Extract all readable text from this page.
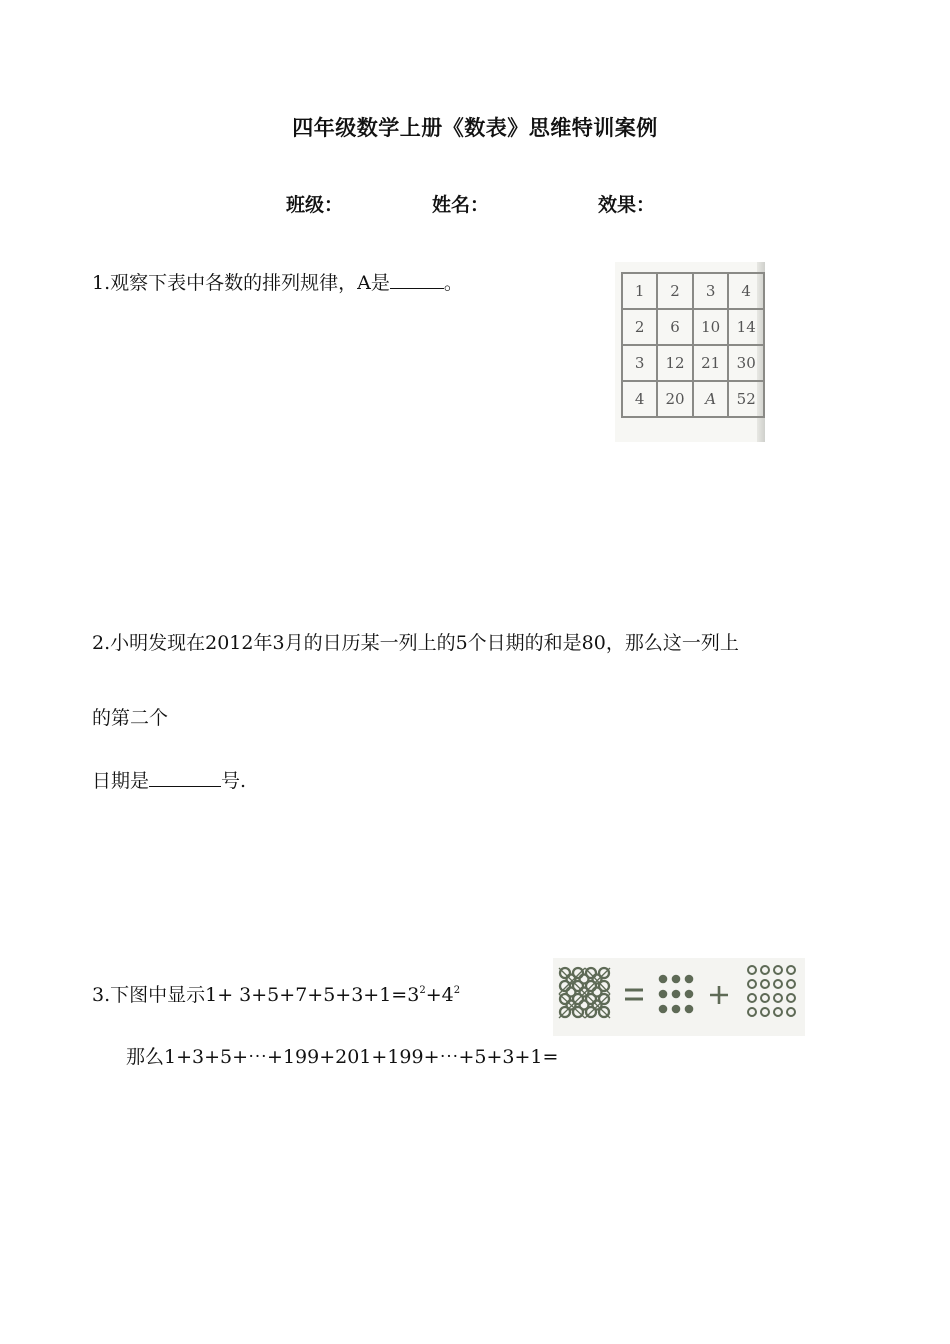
四年级数学上册《数表》思维特训案例
班级：	姓名：	效果：
1.观察下表中各数的排列规律，A是	。	1	2	3	4
2	6	10	14
3	12	21	30
4	20	A	52
2.小明发现在2012年3月的日历某一列上的5个日期的和是80，那么这一列上
的第二个
日期是	号.
3.下图中显示$1+ 3+5+7+5+3+1=3^2+4^2$
那么1+3+5+⋯+199+201+199+⋯+5+3+1=
